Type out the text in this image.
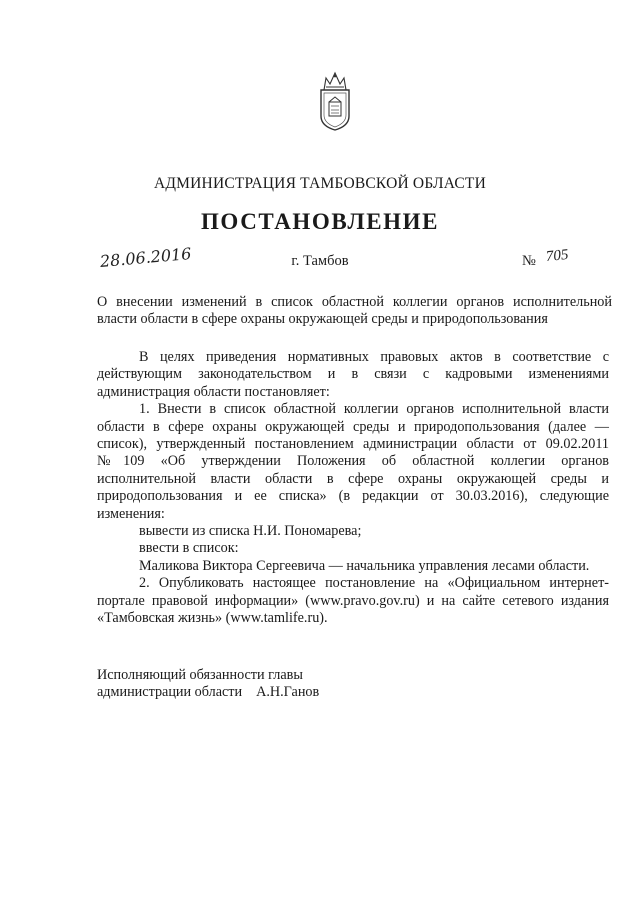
АДМИНИСТРАЦИЯ ТАМБОВСКОЙ ОБЛАСТИ
ПОСТАНОВЛЕНИЕ
28.06.2016	г. Тамбов	№ 705
О внесении изменений в список областной коллегии органов исполнительной власти области в сфере охраны окружающей среды и природопользования

В целях приведения нормативных правовых актов в соответствие с действующим законодательством и в связи с кадровыми изменениями администрация области постановляет:

1. Внести в список областной коллегии органов исполнительной власти области в сфере охраны окружающей среды и природопользования (далее — список), утвержденный постановлением администрации области от 09.02.2011 №109 «Об утверждении Положения об областной коллегии органов исполнительной власти области в сфере охраны окружающей среды и природопользования и ее списка» (в редакции от 30.03.2016), следующие изменения:

вывести из списка Н.И. Пономарева;

ввести в список:

Маликова Виктора Сергеевича — начальника управления лесами области.

2. Опубликовать настоящее постановление на «Официальном интернет-портале правовой информации» (www.pravo.gov.ru) и на сайте сетевого издания «Тамбовская жизнь» (www.tamlife.ru).

Исполняющий обязанности главы
администрации области А.Н.Ганов
